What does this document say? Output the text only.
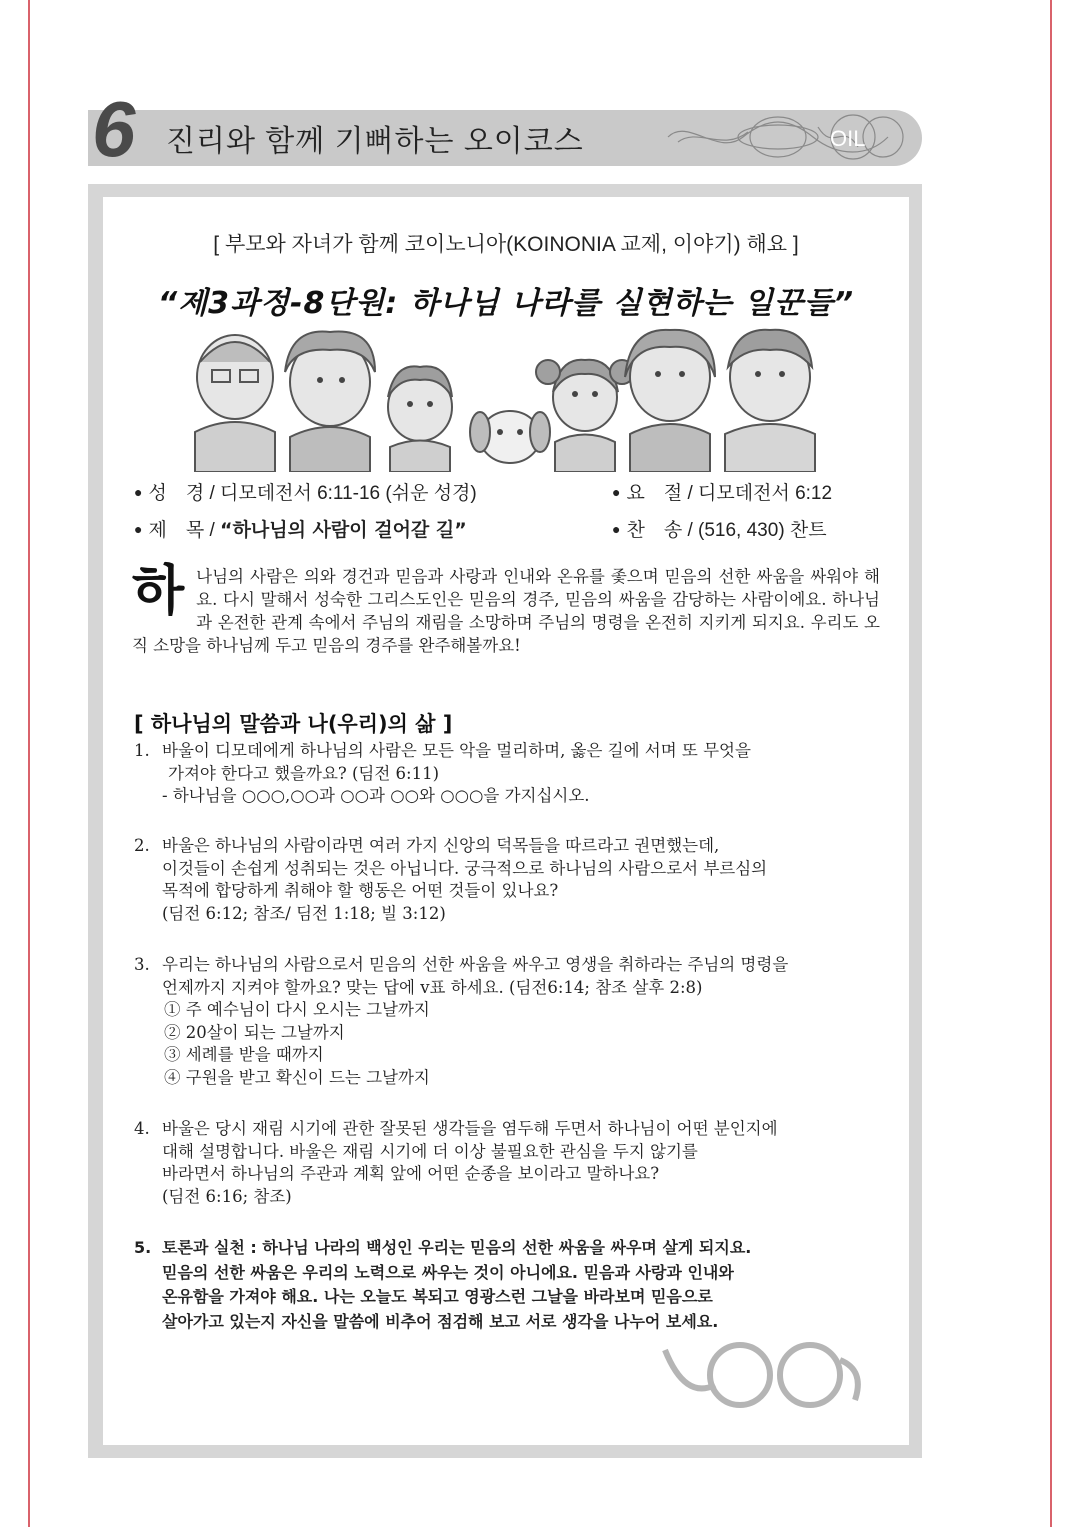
6 진리와 함께 기뻐하는 오이코스	OIL
[ 부모와 자녀가 함께 코이노니아(KOINONIA 교제, 이야기) 해요 ]
“제3과정-8단원: 하나님 나라를 실현하는 일꾼들”
● 성　경 / 디모데전서 6:11-16 (쉬운 성경)	● 요　절 / 디모데전서 6:12
● 제　목 / “하나님의 사람이 걸어갈 길”	● 찬　송 / (516, 430) 찬트
하 나님의 사람은 의와 경건과 믿음과 사랑과 인내와 온유를 좇으며 믿음의 선한 싸움을 싸워야 해요. 다시 말해서 성숙한 그리스도인은 믿음의 경주, 믿음의 싸움을 감당하는 사람이에요. 하나님과 온전한 관계 속에서 주님의 재림을 소망하며 주님의 명령을 온전히 지키게 되지요. 우리도 오직 소망을 하나님께 두고 믿음의 경주를 완주해볼까요!
[ 하나님의 말씀과 나(우리)의 삶 ]
1. 바울이 디모데에게 하나님의 사람은 모든 악을 멀리하며, 옳은 길에 서며 또 무엇을
가져야 한다고 했을까요? (딤전 6:11)
- 하나님을 ○○○,○○과 ○○과 ○○와 ○○○을 가지십시오.
2. 바울은 하나님의 사람이라면 여러 가지 신앙의 덕목들을 따르라고 권면했는데,
이것들이 손쉽게 성취되는 것은 아닙니다. 궁극적으로 하나님의 사람으로서 부르심의
목적에 합당하게 취해야 할 행동은 어떤 것들이 있나요?
(딤전 6:12; 참조/ 딤전 1:18; 빌 3:12)
3. 우리는 하나님의 사람으로서 믿음의 선한 싸움을 싸우고 영생을 취하라는 주님의 명령을
언제까지 지켜야 할까요? 맞는 답에 v표 하세요. (딤전6:14; 참조 살후 2:8)
① 주 예수님이 다시 오시는 그날까지
② 20살이 되는 그날까지
③ 세례를 받을 때까지
④ 구원을 받고 확신이 드는 그날까지
4. 바울은 당시 재림 시기에 관한 잘못된 생각들을 염두해 두면서 하나님이 어떤 분인지에
대해 설명합니다. 바울은 재림 시기에 더 이상 불필요한 관심을 두지 않기를
바라면서 하나님의 주관과 계획 앞에 어떤 순종을 보이라고 말하나요?
(딤전 6:16; 참조)
5. 토론과 실천 : 하나님 나라의 백성인 우리는 믿음의 선한 싸움을 싸우며 살게 되지요.
믿음의 선한 싸움은 우리의 노력으로 싸우는 것이 아니에요. 믿음과 사랑과 인내와
온유함을 가져야 해요. 나는 오늘도 복되고 영광스런 그날을 바라보며 믿음으로
살아가고 있는지 자신을 말씀에 비추어 점검해 보고 서로 생각을 나누어 보세요.
